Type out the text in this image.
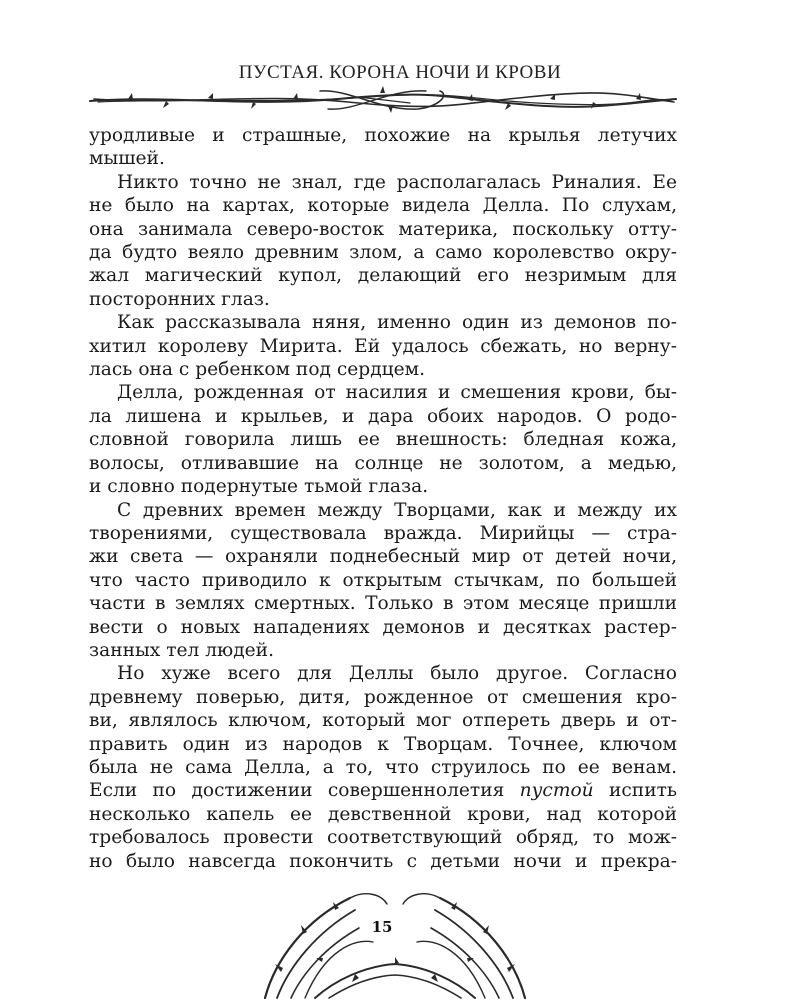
ПУСТАЯ. КОРОНА НОЧИ И КРОВИ

уродливые и страшные, похожие на крылья летучих

мышей.

Никто точно не знал, где располагалась Риналия. Ее

не было на картах, которые видела Делла. По слухам,

она занимала северо-восток материка, поскольку отту-

да будто веяло древним злом, а само королевство окру-

жал магический купол, делающий его незримым для

посторонних глаз.

Как рассказывала няня, именно один из демонов по-

хитил королеву Мирита. Ей удалось сбежать, но верну-

лась она с ребенком под сердцем.

Делла, рожденная от насилия и смешения крови, бы-

ла лишена и крыльев, и дара обоих народов. О родо-

словной говорила лишь ее внешность: бледная кожа,

волосы, отливавшие на солнце не золотом, а медью,

и словно подернутые тьмой глаза.

С древних времен между Творцами, как и между их

творениями, существовала вражда. Мирийцы — стра-

жи света — охраняли поднебесный мир от детей ночи,

что часто приводило к открытым стычкам, по большей

части в землях смертных. Только в этом месяце пришли

вести о новых нападениях демонов и десятках растер-

занных тел людей.

Но хуже всего для Деллы было другое. Согласно

древнему поверью, дитя, рожденное от смешения кро-

ви, являлось ключом, который мог отпереть дверь и от-

править один из народов к Творцам. Точнее, ключом

была не сама Делла, а то, что струилось по ее венам.

Если по достижении совершеннолетия пустой испить

несколько капель ее девственной крови, над которой

требовалось провести соответствующий обряд, то мож-

но было навсегда покончить с детьми ночи и прекра-

15
